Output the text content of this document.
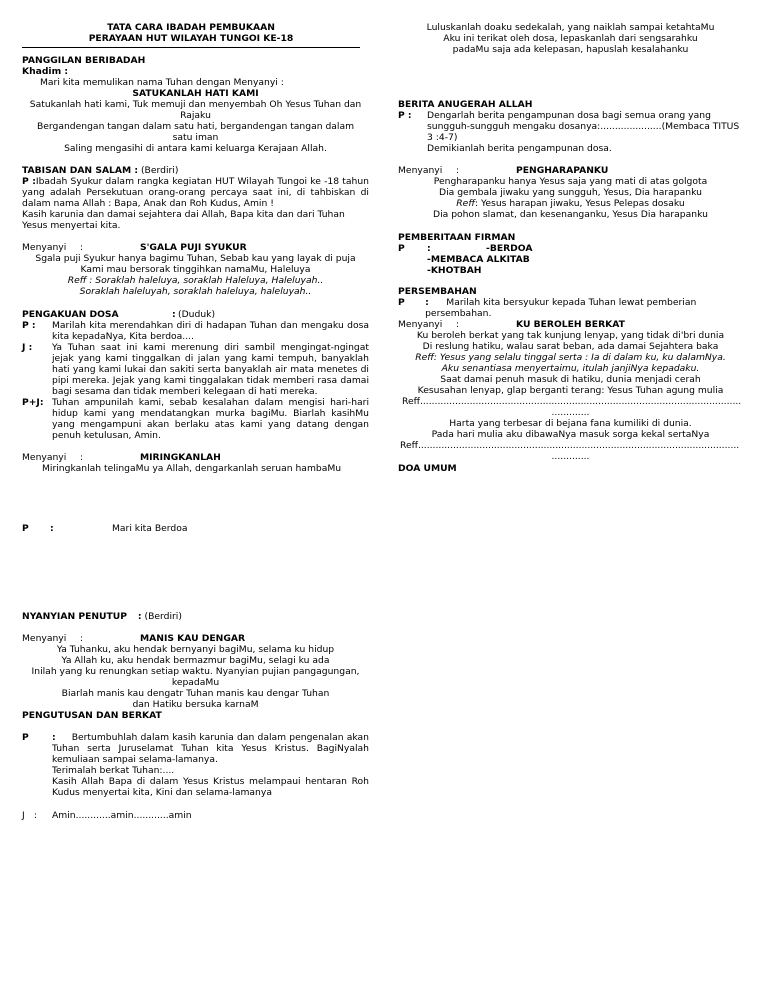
TATA CARA IBADAH PEMBUKAAN
PERAYAAN HUT WILAYAH TUNGOI KE-18
PANGGILAN BERIBADAH
Khadim :
Mari kita memulikan nama Tuhan dengan Menyanyi :
SATUKANLAH HATI KAMI
Satukanlah hati kami, Tuk memuji dan menyembah Oh Yesus Tuhan dan
Rajaku
Bergandengan tangan dalam satu hati, bergandengan tangan dalam
satu iman
Saling mengasihi di antara kami keluarga Kerajaan Allah.
TABISAN DAN SALAM : (Berdiri)
P :Ibadah Syukur dalam rangka kegiatan HUT Wilayah Tungoi ke -18 tahun yang adalah Persekutuan orang-orang percaya saat ini, di tahbiskan di dalam nama Allah : Bapa, Anak dan Roh Kudus, Amin !
Kasih karunia dan damai sejahtera dai Allah, Bapa kita dan dari Tuhan Yesus menyertai kita.
Menyanyi	:	S'GALA PUJI SYUKUR
Sgala puji Syukur hanya bagimu Tuhan, Sebab kau yang layak di puja
Kami mau bersorak tinggihkan namaMu, Haleluya
Reff : Soraklah haleluya, soraklah Haleluya, Haleluyah..
Soraklah haleluyah, soraklah haleluya, haleluyah..
PENGAKUAN DOSA	: (Duduk)
P :	Marilah kita merendahkan diri di hadapan Tuhan dan mengaku dosa kita kepadaNya, Kita berdoa....
J :	Ya Tuhan saat ini kami merenung diri sambil mengingat-ngingat jejak yang kami tinggalkan di jalan yang kami tempuh, banyaklah hati yang kami lukai dan sakiti serta banyaklah air mata menetes di pipi mereka. Jejak yang kami tinggalakan tidak memberi rasa damai bagi sesama dan tidak memberi kelegaan di hati mereka.
P+J: Tuhan ampunilah kami, sebab kesalahan dalam mengisi hari-hari hidup kami yang mendatangkan murka bagiMu. Biarlah kasihMu yang mengampuni akan berlaku atas kami yang datang dengan penuh ketulusan, Amin.
Menyanyi	:	MIRINGKANLAH
Miringkanlah telingaMu ya Allah, dengarkanlah seruan hambaMu
P	:	Mari kita Berdoa
NYANYIAN PENUTUP : (Berdiri)
Menyanyi	:	MANIS KAU DENGAR
Ya Tuhanku, aku hendak bernyanyi bagiMu, selama ku hidup
Ya Allah ku, aku hendak bermazmur bagiMu, selagi ku ada
Inilah yang ku renungkan setiap waktu. Nyanyian pujian pangagungan,
kepadaMu
Biarlah manis kau dengatr Tuhan manis kau dengar Tuhan
dan Hatiku bersuka karnaM
PENGUTUSAN DAN BERKAT
P	: Bertumbuhlah dalam kasih karunia dan dalam pengenalan akan Tuhan serta Juruselamat Tuhan kita Yesus Kristus. BagiNyalah kemuliaan sampai selama-lamanya.
Terimalah berkat Tuhan:....
Kasih Allah Bapa di dalam Yesus Kristus melampaui hentaran Roh Kudus menyertai kita, Kini dan selama-lamanya
J	:	Amin............amin............amin
Luluskanlah doaku sedekalah, yang naiklah sampai ketahtaMu
Aku ini terikat oleh dosa, lepaskanlah dari sengsarahku
padaMu saja ada kelepasan, hapuslah kesalahanku
BERITA ANUGERAH ALLAH
P :	Dengarlah berita pengampunan dosa bagi semua orang yang sungguh-sungguh mengaku dosanya:.....................(Membaca TITUS 3 :4-7)
Demikianlah berita pengampunan dosa.
Menyanyi	:	PENGHARAPANKU
Pengharapanku hanya Yesus saja yang mati di atas golgota
Dia gembala jiwaku yang sungguh, Yesus, Dia harapanku
Reff: Yesus harapan jiwaku, Yesus Pelepas dosaku
Dia pohon slamat, dan kesenanganku, Yesus Dia harapanku
PEMBERITAAN FIRMAN
P	:	-BERDOA
-MEMBACA ALKITAB
-KHOTBAH
PERSEMBAHAN
P	: Marilah kita bersyukur kepada Tuhan lewat pemberian persembahan.
Menyanyi	:	KU BEROLEH BERKAT
Ku beroleh berkat yang tak kunjung lenyap, yang tidak di'bri dunia
Di reslung hatiku, walau sarat beban, ada damai Sejahtera baka
Reff: Yesus yang selalu tinggal serta : Ia di dalam ku, ku dalamNya.
Aku senantiasa menyertaimu, itulah janjiNya kepadaku.
Saat damai penuh masuk di hatiku, dunia menjadi cerah
Kesusahan lenyap, glap berganti terang: Yesus Tuhan agung mulia
Reff..............................................................................................................
.............
Harta yang terbesar di bejana fana kumiliki di dunia.
Pada hari mulia aku dibawaNya masuk sorga kekal sertaNya
Reff..............................................................................................................
.............
DOA UMUM
